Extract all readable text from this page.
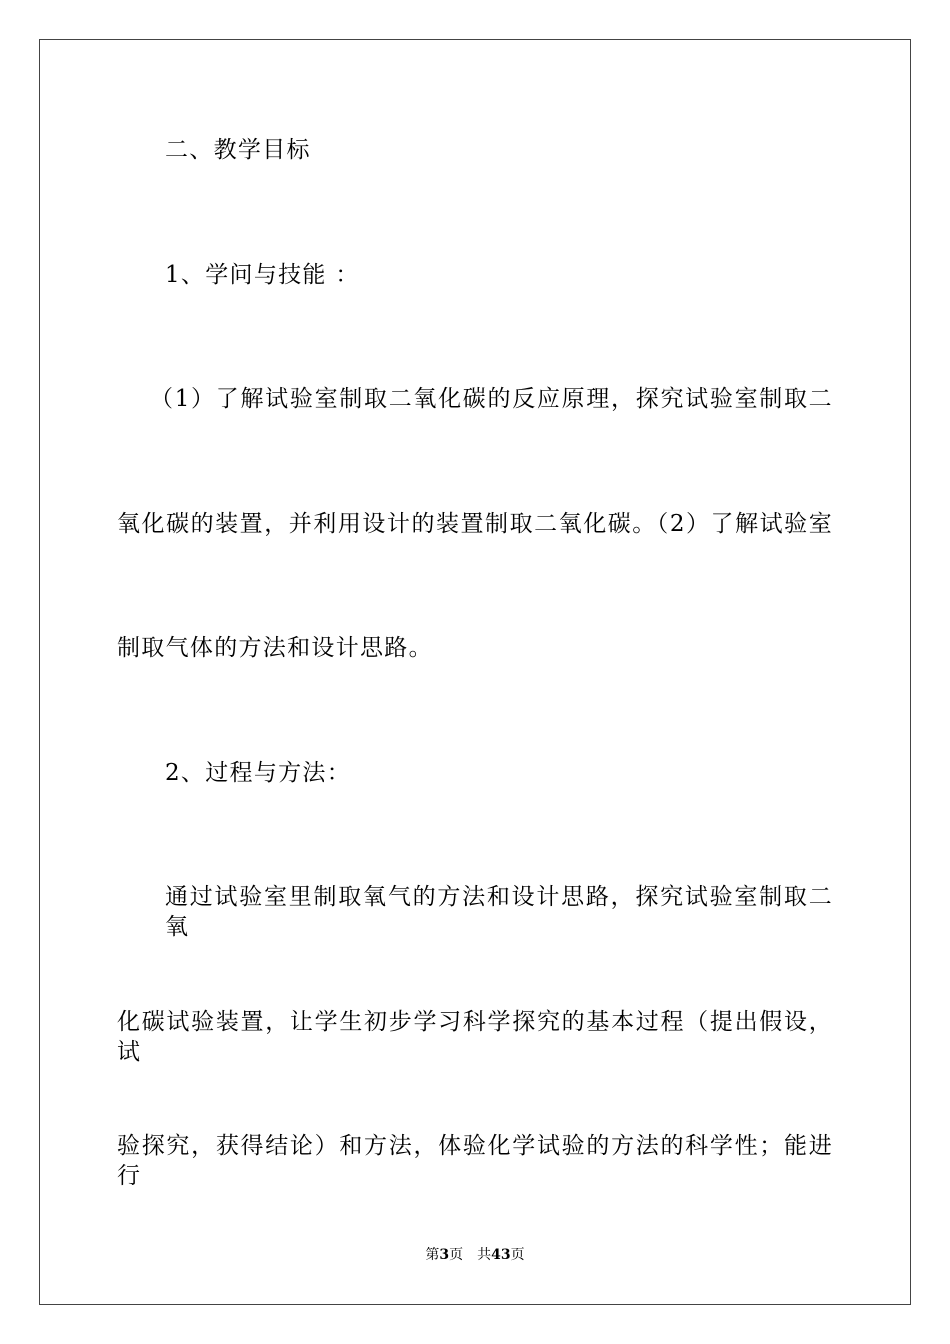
二、教学目标
1、学问与技能 ：
（1）了解试验室制取二氧化碳的反应原理，探究试验室制取二
氧化碳的装置，并利用设计的装置制取二氧化碳。（2）了解试验室
制取气体的方法和设计思路。
2、过程与方法：
通过试验室里制取氧气的方法和设计思路，探究试验室制取二氧
化碳试验装置，让学生初步学习科学探究的基本过程（提出假设，试
验探究，获得结论）和方法，体验化学试验的方法的科学性；能进行
第3页 共43页
